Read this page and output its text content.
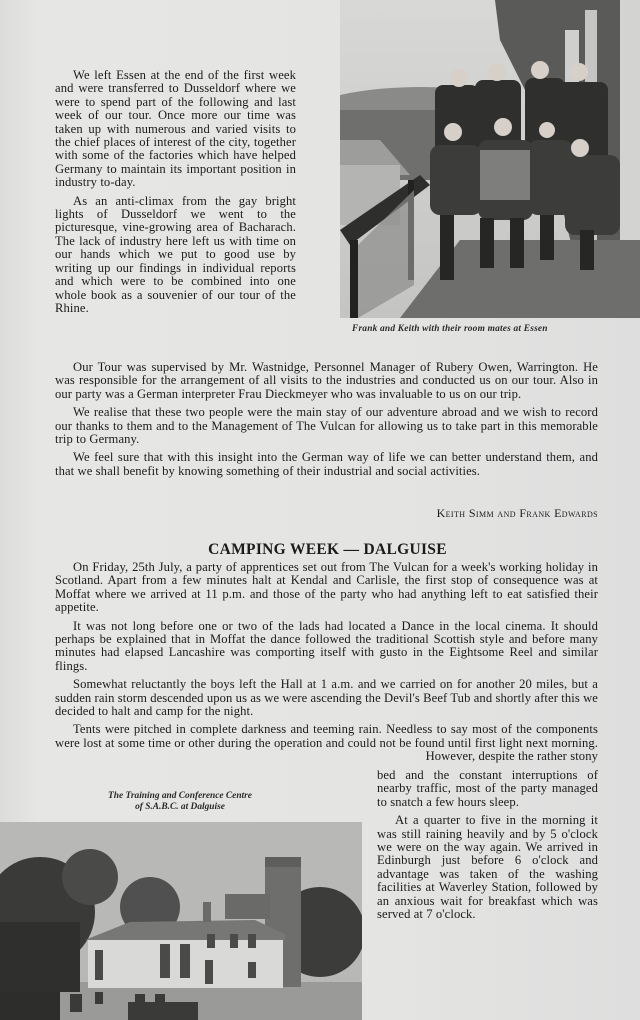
We left Essen at the end of the first week and were transferred to Dusseldorf where we were to spend part of the following and last week of our tour. Once more our time was taken up with numerous and varied visits to the chief places of interest of the city, together with some of the factories which have helped Germany to maintain its important position in industry to-day.

As an anti-climax from the gay bright lights of Dusseldorf we went to the picturesque, vine-growing area of Bacharach. The lack of industry here left us with time on our hands which we put to good use by writing up our findings in individual reports and which were to be combined into one whole book as a souvenier of our tour of the Rhine.

Frank and Keith with their room mates at Essen

Our Tour was supervised by Mr. Wastnidge, Personnel Manager of Rubery Owen, Warrington. He was responsible for the arrangement of all visits to the industries and conducted us on our tour. Also in our party was a German interpreter Frau Dieckmeyer who was invaluable to us on our trip.

We realise that these two people were the main stay of our adventure abroad and we wish to record our thanks to them and to the Management of The Vulcan for allowing us to take part in this memorable trip to Germany.

We feel sure that with this insight into the German way of life we can better understand them, and that we shall benefit by knowing something of their industrial and social activities.

Keith Simm and Frank Edwards
CAMPING WEEK — DALGUISE

On Friday, 25th July, a party of apprentices set out from The Vulcan for a week's working holiday in Scotland. Apart from a few minutes halt at Kendal and Carlisle, the first stop of consequence was at Moffat where we arrived at 11 p.m. and those of the party who had anything left to eat satisfied their appetite.

It was not long before one or two of the lads had located a Dance in the local cinema. It should perhaps be explained that in Moffat the dance followed the traditional Scottish style and before many minutes had elapsed Lancashire was comporting itself with gusto in the Eightsome Reel and similar flings.

Somewhat reluctantly the boys left the Hall at 1 a.m. and we carried on for another 20 miles, but a sudden rain storm descended upon us as we were ascending the Devil's Beef Tub and shortly after this we decided to halt and camp for the night.

Tents were pitched in complete darkness and teeming rain. Needless to say most of the components were lost at some time or other during the operation and could not be found until first light next morning. However, despite the rather stony

bed and the constant interruptions of nearby traffic, most of the party managed to snatch a few hours sleep.

At a quarter to five in the morning it was still raining heavily and by 5 o'clock we were on the way again. We arrived in Edinburgh just before 6 o'clock and advantage was taken of the washing facilities at Waverley Station, followed by an anxious wait for breakfast which was served at 7 o'clock.

The Training and Conference Centre
of S.A.B.C. at Dalguise
